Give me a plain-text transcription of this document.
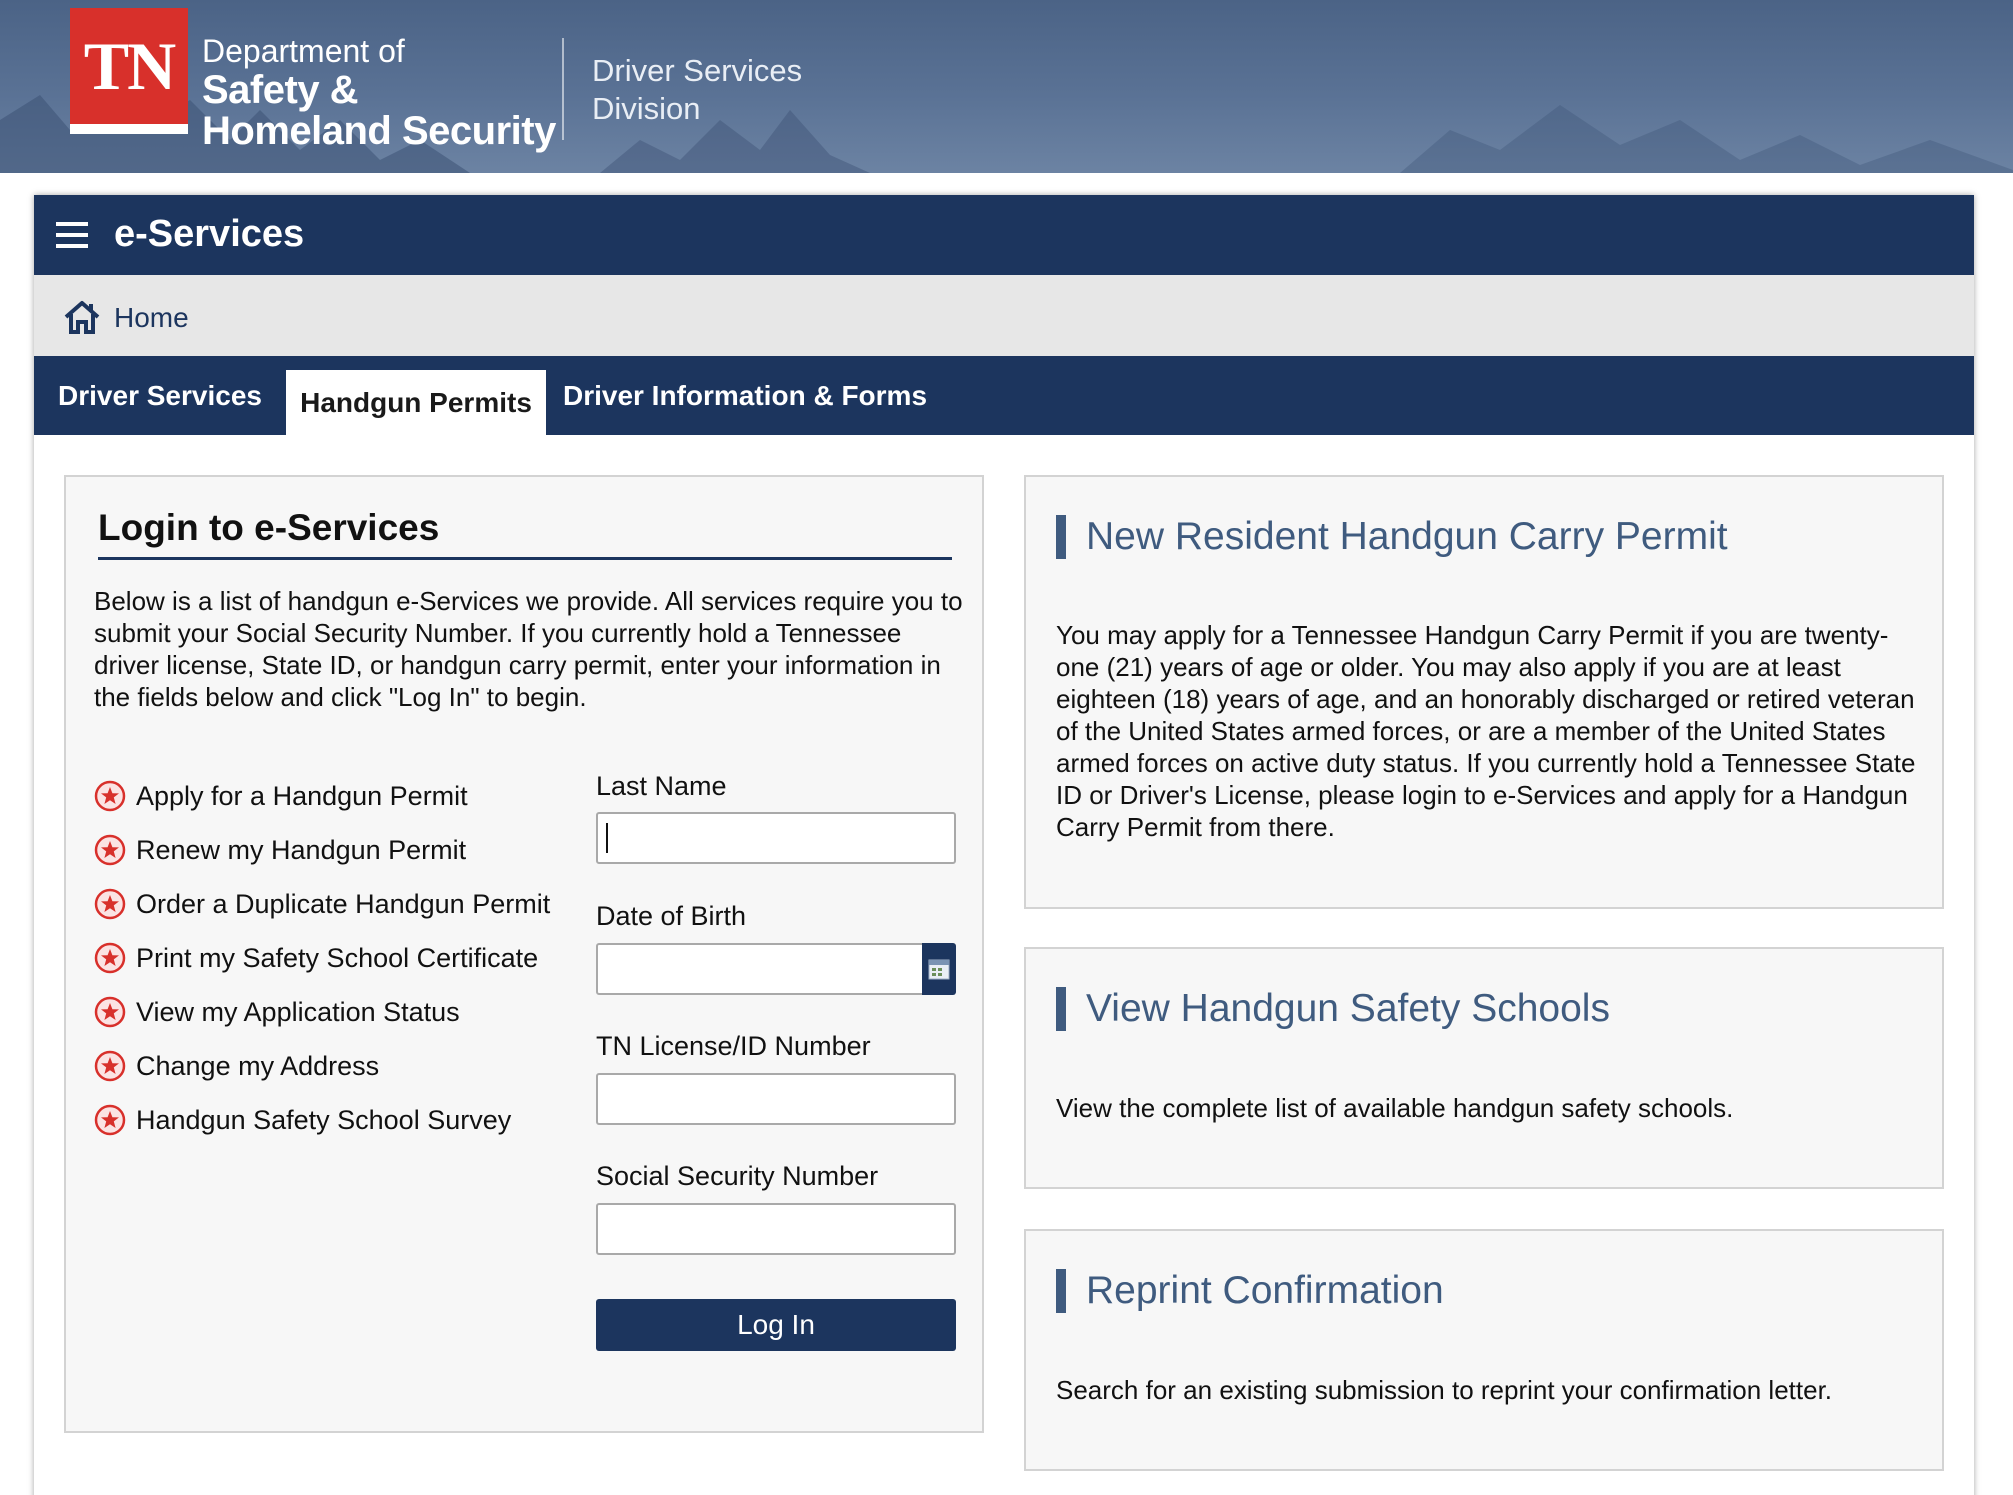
TN Department of
Safety &
Homeland Security
Driver Services
Division
e-Services
Home
Driver Services	Handgun Permits	Driver Information & Forms
Login to e-Services
Below is a list of handgun e-Services we provide. All services require you to submit your Social Security Number. If you currently hold a Tennessee driver license, State ID, or handgun carry permit, enter your information in the fields below and click "Log In" to begin.
Apply for a Handgun Permit
Renew my Handgun Permit
Order a Duplicate Handgun Permit
Print my Safety School Certificate
View my Application Status
Change my Address
Handgun Safety School Survey
Last Name
Date of Birth
TN License/ID Number
Social Security Number
Log In
New Resident Handgun Carry Permit
You may apply for a Tennessee Handgun Carry Permit if you are twenty-one (21) years of age or older. You may also apply if you are at least eighteen (18) years of age, and an honorably discharged or retired veteran of the United States armed forces, or are a member of the United States armed forces on active duty status. If you currently hold a Tennessee State ID or Driver's License, please login to e-Services and apply for a Handgun Carry Permit from there.
View Handgun Safety Schools
View the complete list of available handgun safety schools.
Reprint Confirmation
Search for an existing submission to reprint your confirmation letter.
